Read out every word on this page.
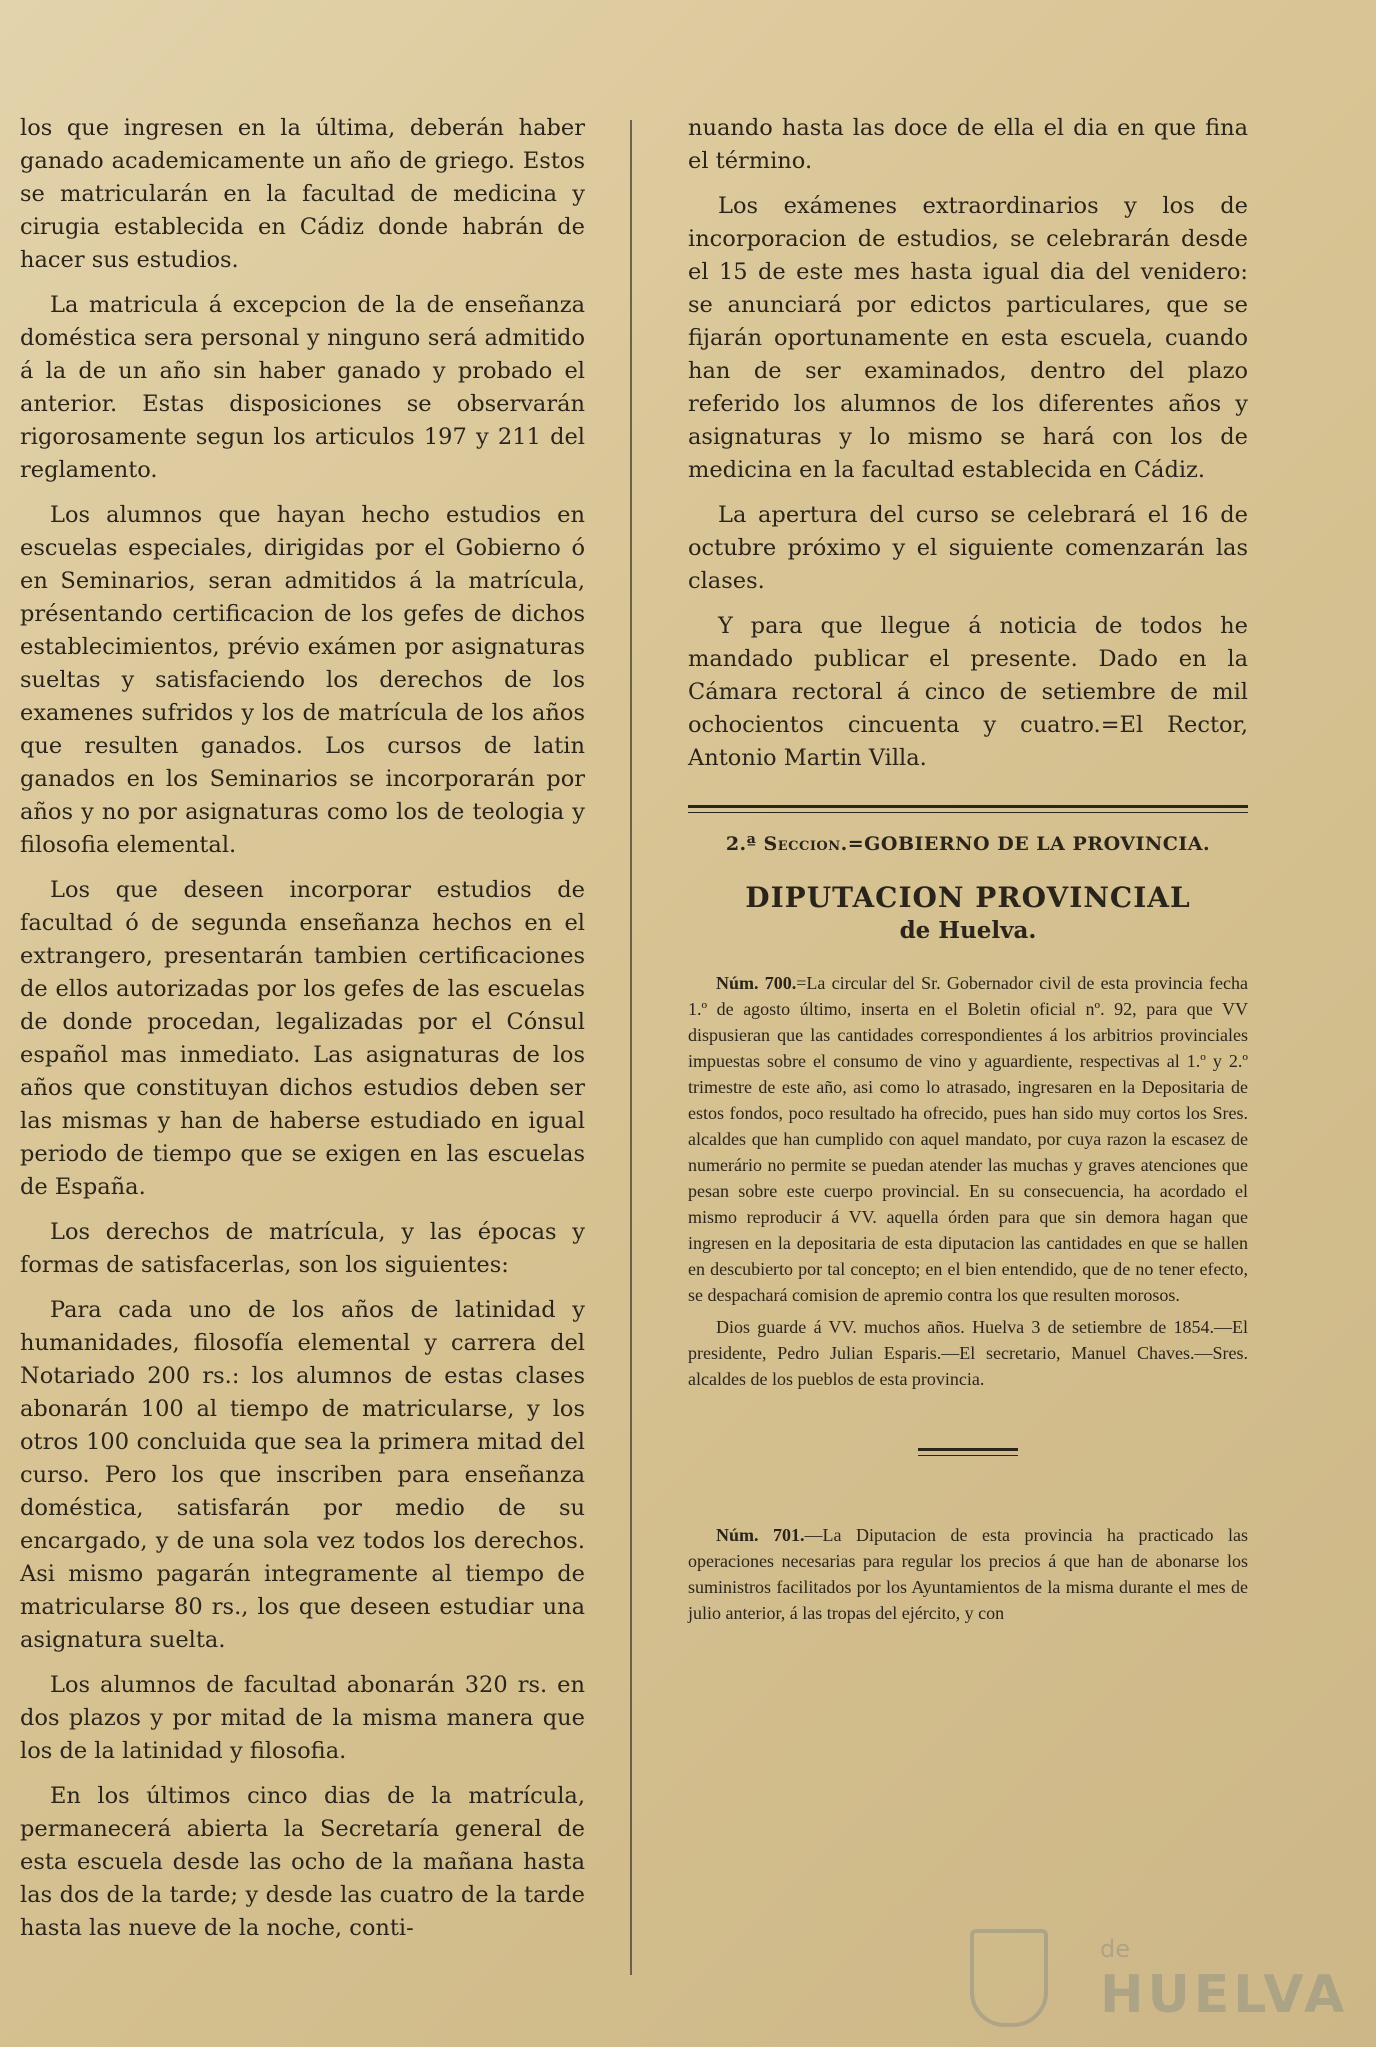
los que ingresen en la última, deberán haber ganado academicamente un año de griego. Estos se matricularán en la facultad de medicina y cirugia establecida en Cádiz donde habrán de hacer sus estudios.

La matricula á excepcion de la de enseñanza doméstica sera personal y ninguno será admitido á la de un año sin haber ganado y probado el anterior. Estas disposiciones se observarán rigorosamente segun los articulos 197 y 211 del reglamento.

Los alumnos que hayan hecho estudios en escuelas especiales, dirigidas por el Gobierno ó en Seminarios, seran admitidos á la matrícula, présentando certificacion de los gefes de dichos establecimientos, prévio exámen por asignaturas sueltas y satisfaciendo los derechos de los examenes sufridos y los de matrícula de los años que resulten ganados. Los cursos de latin ganados en los Seminarios se incorporarán por años y no por asignaturas como los de teologia y filosofia elemental.

Los que deseen incorporar estudios de facultad ó de segunda enseñanza hechos en el extrangero, presentarán tambien certificaciones de ellos autorizadas por los gefes de las escuelas de donde procedan, legalizadas por el Cónsul español mas inmediato. Las asignaturas de los años que constituyan dichos estudios deben ser las mismas y han de haberse estudiado en igual periodo de tiempo que se exigen en las escuelas de España.

Los derechos de matrícula, y las épocas y formas de satisfacerlas, son los siguientes:

Para cada uno de los años de latinidad y humanidades, filosofía elemental y carrera del Notariado 200 rs.: los alumnos de estas clases abonarán 100 al tiempo de matricularse, y los otros 100 concluida que sea la primera mitad del curso. Pero los que inscriben para enseñanza doméstica, satisfarán por medio de su encargado, y de una sola vez todos los derechos. Asi mismo pagarán integramente al tiempo de matricularse 80 rs., los que deseen estudiar una asignatura suelta.

Los alumnos de facultad abonarán 320 rs. en dos plazos y por mitad de la misma manera que los de la latinidad y filosofia.

En los últimos cinco dias de la matrícula, permanecerá abierta la Secretaría general de esta escuela desde las ocho de la mañana hasta las dos de la tarde; y desde las cuatro de la tarde hasta las nueve de la noche, conti-

nuando hasta las doce de ella el dia en que fina el término.

Los exámenes extraordinarios y los de incorporacion de estudios, se celebrarán desde el 15 de este mes hasta igual dia del venidero: se anunciará por edictos particulares, que se fijarán oportunamente en esta escuela, cuando han de ser examinados, dentro del plazo referido los alumnos de los diferentes años y asignaturas y lo mismo se hará con los de medicina en la facultad establecida en Cádiz.

La apertura del curso se celebrará el 16 de octubre próximo y el siguiente comenzarán las clases.

Y para que llegue á noticia de todos he mandado publicar el presente. Dado en la Cámara rectoral á cinco de setiembre de mil ochocientos cincuenta y cuatro.=El Rector, Antonio Martin Villa.

2.ª Seccion.=GOBIERNO DE LA PROVINCIA.
DIPUTACION PROVINCIAL
de Huelva.

Núm. 700.=La circular del Sr. Gobernador civil de esta provincia fecha 1.º de agosto último, inserta en el Boletin oficial nº. 92, para que VV dispusieran que las cantidades correspondientes á los arbitrios provinciales impuestas sobre el consumo de vino y aguardiente, respectivas al 1.º y 2.º trimestre de este año, asi como lo atrasado, ingresaren en la Depositaria de estos fondos, poco resultado ha ofrecido, pues han sido muy cortos los Sres. alcaldes que han cumplido con aquel mandato, por cuya razon la escasez de numerário no permite se puedan atender las muchas y graves atenciones que pesan sobre este cuerpo provincial. En su consecuencia, ha acordado el mismo reproducir á VV. aquella órden para que sin demora hagan que ingresen en la depositaria de esta diputacion las cantidades en que se hallen en descubierto por tal concepto; en el bien entendido, que de no tener efecto, se despachará comision de apremio contra los que resulten morosos.

Dios guarde á VV. muchos años. Huelva 3 de setiembre de 1854.—El presidente, Pedro Julian Esparis.—El secretario, Manuel Chaves.—Sres. alcaldes de los pueblos de esta provincia.

Núm. 701.—La Diputacion de esta provincia ha practicado las operaciones necesarias para regular los precios á que han de abonarse los suministros facilitados por los Ayuntamientos de la misma durante el mes de julio anterior, á las tropas del ejército, y con

de
HUELVA
